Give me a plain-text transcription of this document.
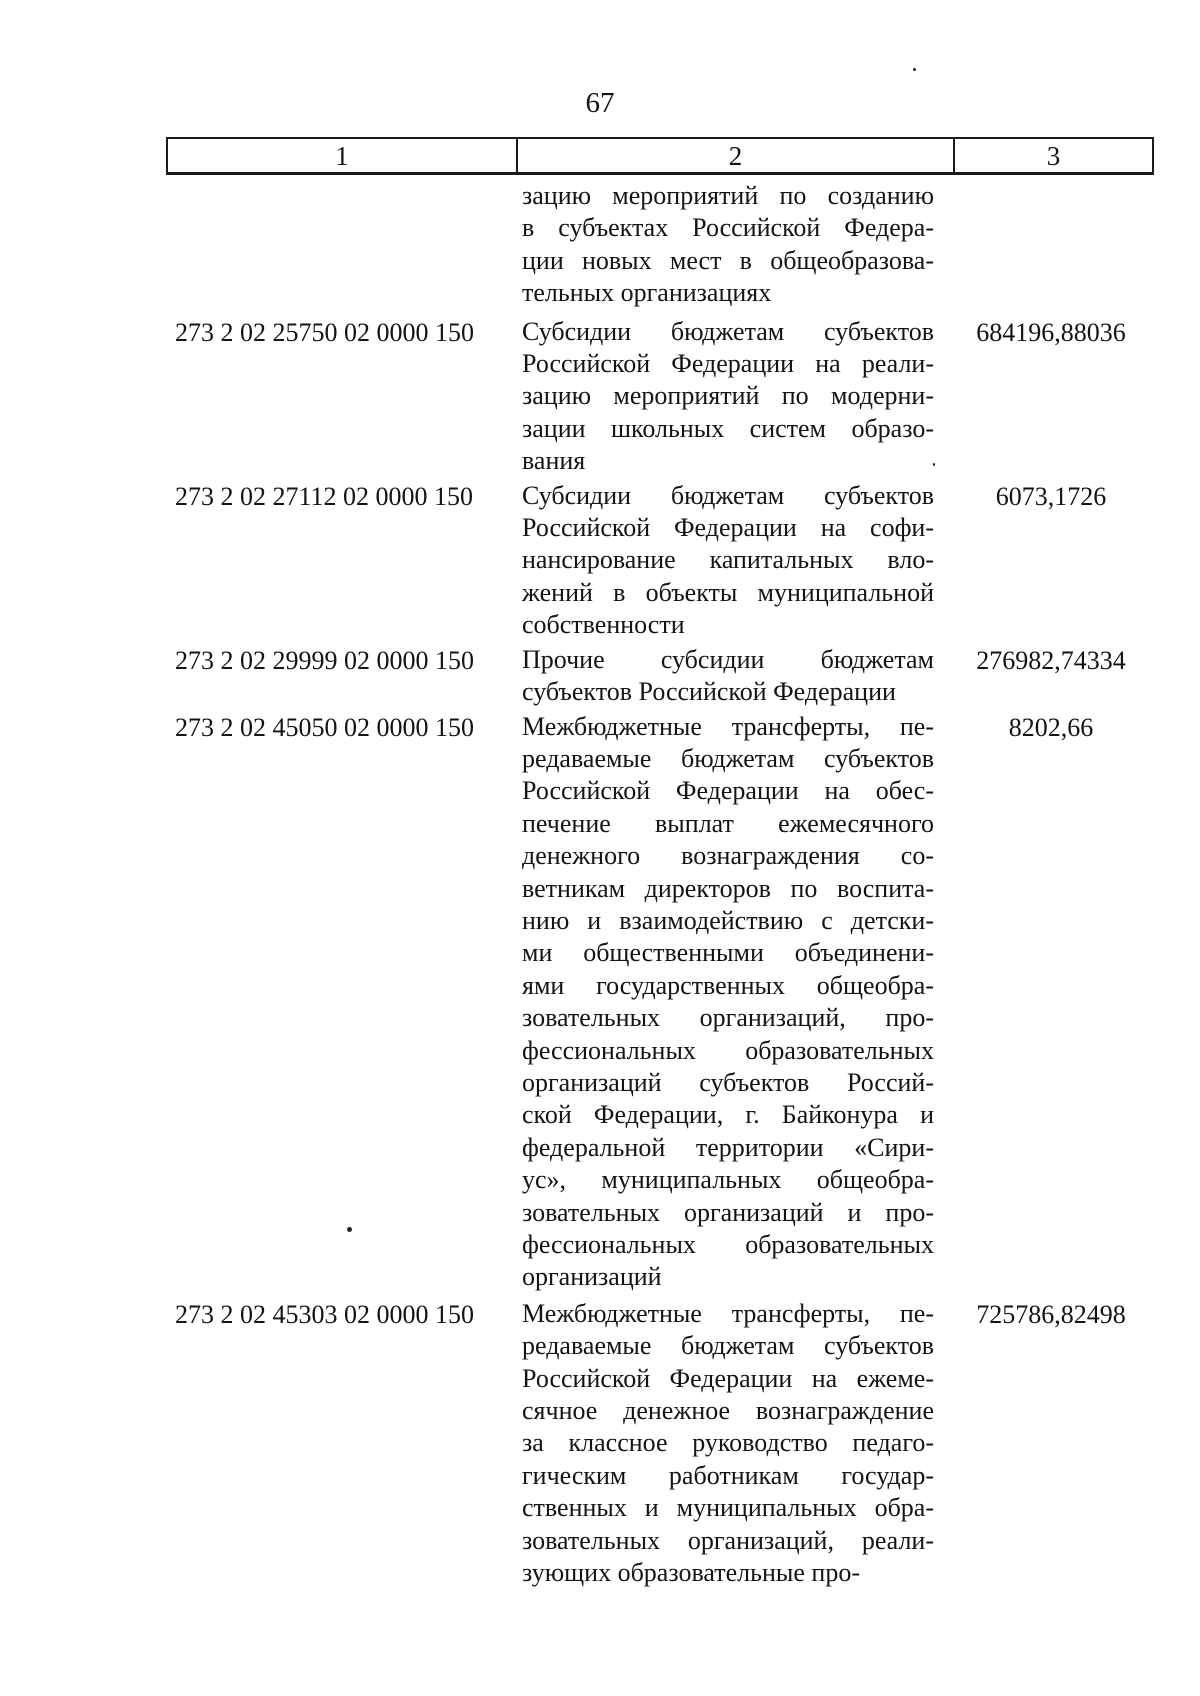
67
1	2	3
зацию мероприятий по созданию
в субъектах Российской Федера-
ции новых мест в общеобразова-
тельных организациях
273 2 02 25750 02 0000 150	Субсидии бюджетам субъектов
Российской Федерации на реали-
зацию мероприятий по модерни-
зации школьных систем образо-
вания
684196,88036
273 2 02 27112 02 0000 150	Субсидии бюджетам субъектов
Российской Федерации на софи-
нансирование капитальных вло-
жений в объекты муниципальной
собственности
6073,1726
273 2 02 29999 02 0000 150	Прочие субсидии бюджетам
субъектов Российской Федерации
276982,74334
273 2 02 45050 02 0000 150	Межбюджетные трансферты, пе-
редаваемые бюджетам субъектов
Российской Федерации на обес-
печение выплат ежемесячного
денежного вознаграждения со-
ветникам директоров по воспита-
нию и взаимодействию с детски-
ми общественными объединени-
ями государственных общеобра-
зовательных организаций, про-
фессиональных образовательных
организаций субъектов Россий-
ской Федерации, г. Байконура и
федеральной территории «Сири-
ус», муниципальных общеобра-
зовательных организаций и про-
фессиональных образовательных
организаций
8202,66
273 2 02 45303 02 0000 150	Межбюджетные трансферты, пе-
редаваемые бюджетам субъектов
Российской Федерации на ежеме-
сячное денежное вознаграждение
за классное руководство педаго-
гическим работникам государ-
ственных и муниципальных обра-
зовательных организаций, реали-
зующих образовательные про-
725786,82498
